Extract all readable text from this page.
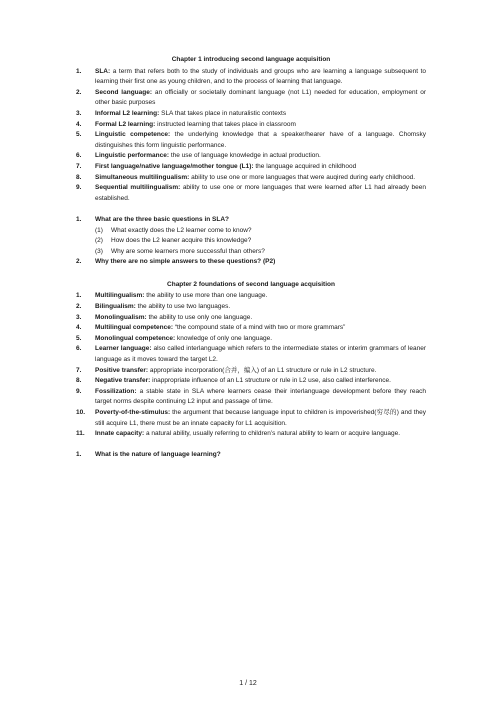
Chapter 1 introducing second language acquisition
1.	SLA: a term that refers both to the study of individuals and groups who are learning a language subsequent to learning their first one as young children, and to the process of learning that language.
2.	Second language: an officially or societally dominant language (not L1) needed for education, employment or other basic purposes
3.	Informal L2 learning: SLA that takes place in naturalistic contexts
4.	Formal L2 learning: instructed learning that takes place in classroom
5.	Linguistic competence: the underlying knowledge that a speaker/hearer have of a language. Chomsky distinguishes this form linguistic performance.
6.	Linguistic performance: the use of language knowledge in actual production.
7.	First language/native language/mother tongue (L1): the language acquired in childhood
8.	Simultaneous multilingualism: ability to use one or more languages that were auqired during early childhood.
9.	Sequential multilingualism: ability to use one or more languages that were learned after L1 had already been established.
1.	What are the three basic questions in SLA?
(1)	What exactly does the L2 learner come to know?
(2)	How does the L2 leaner acquire this knowledge?
(3)	Why are some learners more successful than others?
2.	Why there are no simple answers to these questions? (P2)
Chapter 2 foundations of second language acquisition
1.	Multilingualism: the ability to use more than one language.
2.	Bilingualism: the ability to use two languages.
3.	Monolingualism: the ability to use only one language.
4.	Multilingual competence: “the compound state of a mind with two or more grammars”
5.	Monolingual competence: knowledge of only one language.
6.	Learner language: also called interlanguage which refers to the intermediate states or interim grammars of leaner language as it moves toward the target L2.
7.	Positive transfer: appropriate incorporation(合并，编入) of an L1 structure or rule in L2 structure.
8.	Negative transfer: inappropriate influence of an L1 structure or rule in L2 use, also called interference.
9.	Fossilization: a stable state in SLA where learners cease their interlanguage development before they reach target norms despite continuing L2 input and passage of time.
10.	Poverty-of-the-stimulus: the argument that because language input to children is impoverished(穷尽的) and they still acquire L1, there must be an innate capacity for L1 acquisition.
11.	Innate capacity: a natural ability, usually referring to children’s natural ability to learn or acquire language.
1.	What is the nature of language learning?
1 / 12
